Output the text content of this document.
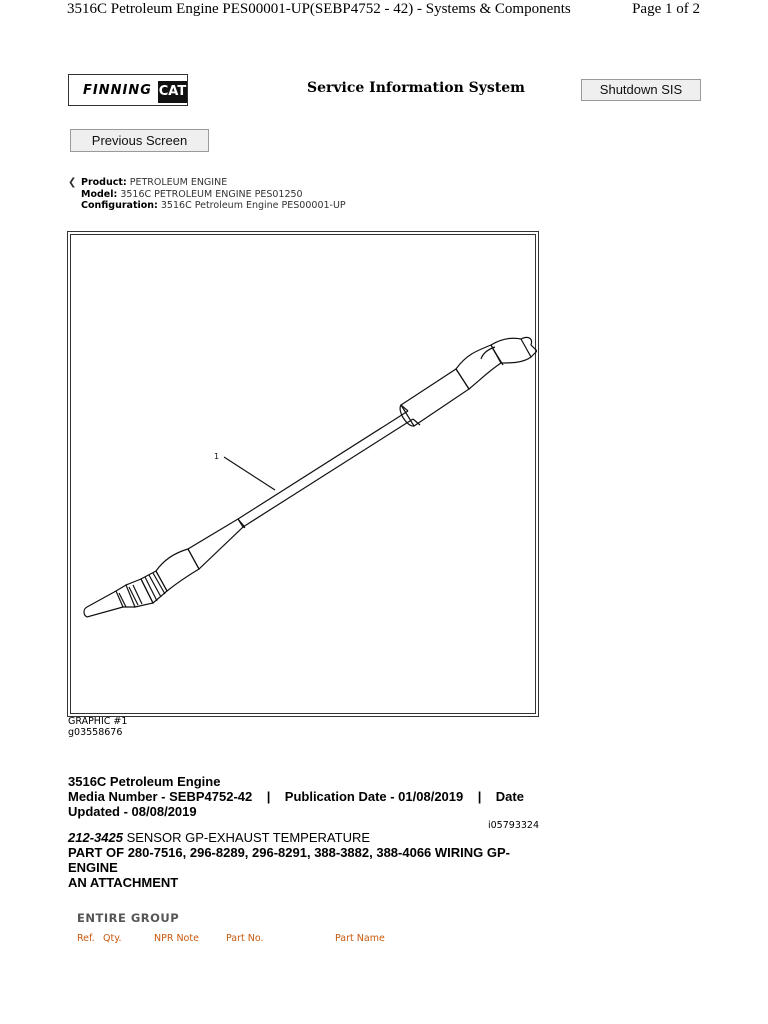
3516C Petroleum Engine PES00001-UP(SEBP4752 - 42) - Systems & Components	Page 1 of 2
FINNING CAT	Service Information System	Shutdown SIS
Previous Screen
❮ Product: PETROLEUM ENGINE
Model: 3516C PETROLEUM ENGINE PES01250
Configuration: 3516C Petroleum Engine PES00001-UP
1
GRAPHIC #1
g03558676
3516C Petroleum Engine
Media Number - SEBP4752-42 | Publication Date - 01/08/2019 | Date
Updated - 08/08/2019
i05793324
212-3425 SENSOR GP-EXHAUST TEMPERATURE
PART OF 280-7516, 296-8289, 296-8291, 388-3882, 388-4066 WIRING GP-
ENGINE
AN ATTACHMENT
ENTIRE GROUP
Ref. Qty.	NPR Note	Part No.	Part Name
